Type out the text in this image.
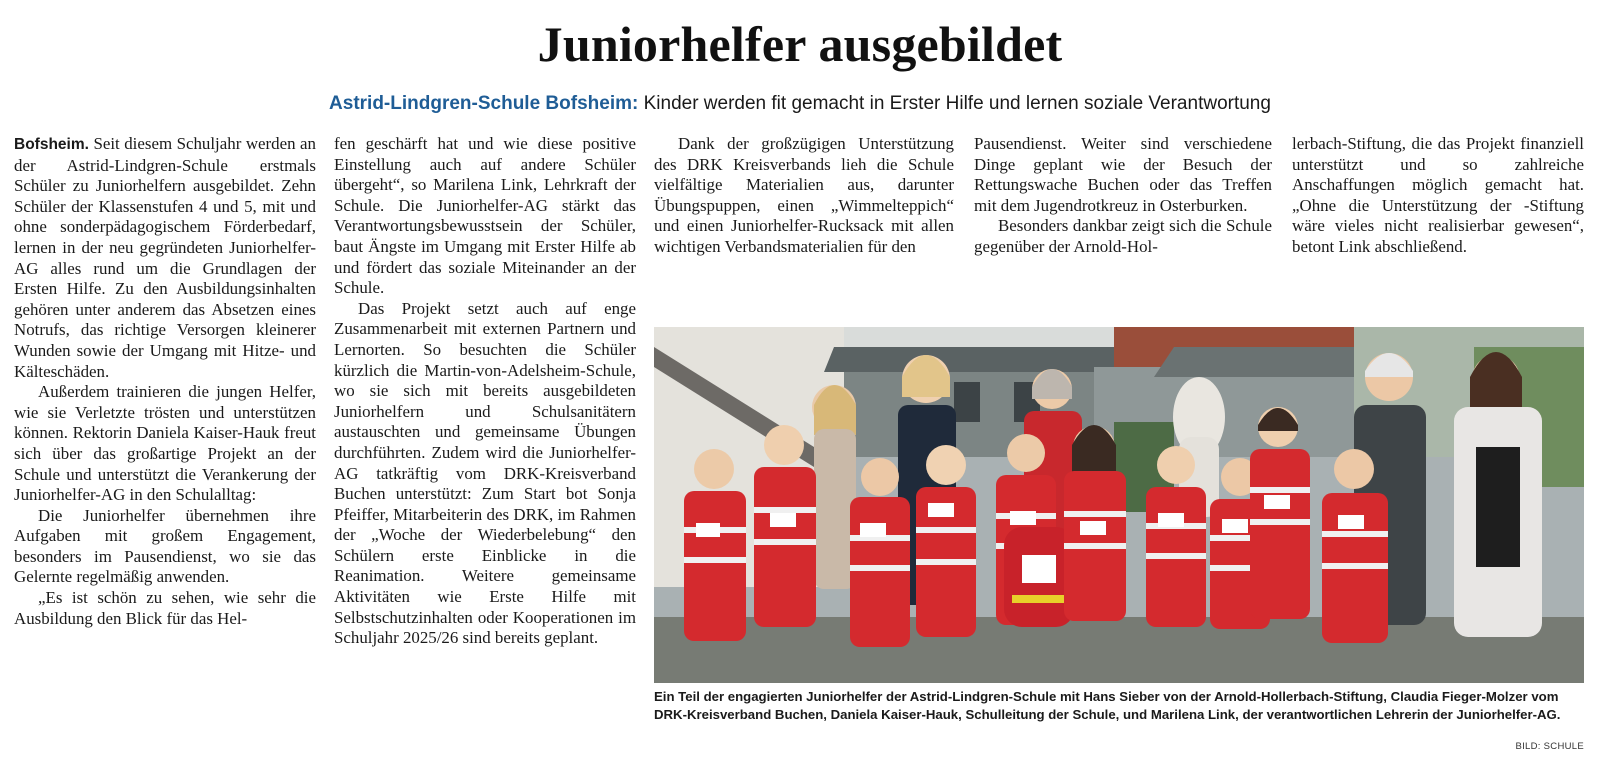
Juniorhelfer ausgebildet
Astrid-Lindgren-Schule Bofsheim: Kinder werden fit gemacht in Erster Hilfe und lernen soziale Verantwortung

Bofsheim. Seit diesem Schuljahr werden an der Astrid-Lindgren-Schule erstmals Schüler zu Juniorhelfern ausgebildet. Zehn Schüler der Klassenstufen 4 und 5, mit und ohne sonderpädagogischem Förderbedarf, lernen in der neu gegründeten Juniorhelfer-AG alles rund um die Grundlagen der Ersten Hilfe. Zu den Ausbildungsinhalten gehören unter anderem das Absetzen eines Notrufs, das richtige Versorgen kleinerer Wunden sowie der Umgang mit Hitze- und Kälteschäden.

Außerdem trainieren die jungen Helfer, wie sie Verletzte trösten und unterstützen können. Rektorin Daniela Kaiser-Hauk freut sich über das großartige Projekt an der Schule und unterstützt die Verankerung der Juniorhelfer-AG in den Schulalltag:

Die Juniorhelfer übernehmen ihre Aufgaben mit großem Engagement, besonders im Pausendienst, wo sie das Gelernte regelmäßig anwenden.

„Es ist schön zu sehen, wie sehr die Ausbildung den Blick für das Hel-

fen geschärft hat und wie diese positive Einstellung auch auf andere Schüler übergeht“, so Marilena Link, Lehrkraft der Schule. Die Juniorhelfer-AG stärkt das Verantwortungsbewusstsein der Schüler, baut Ängste im Umgang mit Erster Hilfe ab und fördert das soziale Miteinander an der Schule.

Das Projekt setzt auch auf enge Zusammenarbeit mit externen Partnern und Lernorten. So besuchten die Schüler kürzlich die Martin-von-Adelsheim-Schule, wo sie sich mit bereits ausgebildeten Juniorhelfern und Schulsanitätern austauschten und gemeinsame Übungen durchführten. Zudem wird die Juniorhelfer-AG tatkräftig vom DRK-Kreisverband Buchen unterstützt: Zum Start bot Sonja Pfeiffer, Mitarbeiterin des DRK, im Rahmen der „Woche der Wiederbelebung“ den Schülern erste Einblicke in die Reanimation. Weitere gemeinsame Aktivitäten wie Erste Hilfe mit Selbstschutzinhalten oder Kooperationen im Schuljahr 2025/26 sind bereits geplant.

Dank der großzügigen Unterstützung des DRK Kreisverbands lieh die Schule vielfältige Materialien aus, darunter Übungspuppen, einen „Wimmelteppich“ und einen Juniorhelfer-Rucksack mit allen wichtigen Verbandsmaterialien für den

Pausendienst. Weiter sind verschiedene Dinge geplant wie der Besuch der Rettungswache Buchen oder das Treffen mit dem Jugendrotkreuz in Osterburken.

Besonders dankbar zeigt sich die Schule gegenüber der Arnold-Hol-

lerbach-Stiftung, die das Projekt finanziell unterstützt und so zahlreiche Anschaffungen möglich gemacht hat. „Ohne die Unterstützung der -Stiftung wäre vieles nicht realisierbar gewesen“, betont Link abschließend.

Ein Teil der engagierten Juniorhelfer der Astrid-Lindgren-Schule mit Hans Sieber von der Arnold-Hollerbach-Stiftung, Claudia Fieger-Molzer vom DRK-Kreisverband Buchen, Daniela Kaiser-Hauk, Schulleitung der Schule, und Marilena Link, der verantwortlichen Lehrerin der Juniorhelfer-AG.
BILD: SCHULE
